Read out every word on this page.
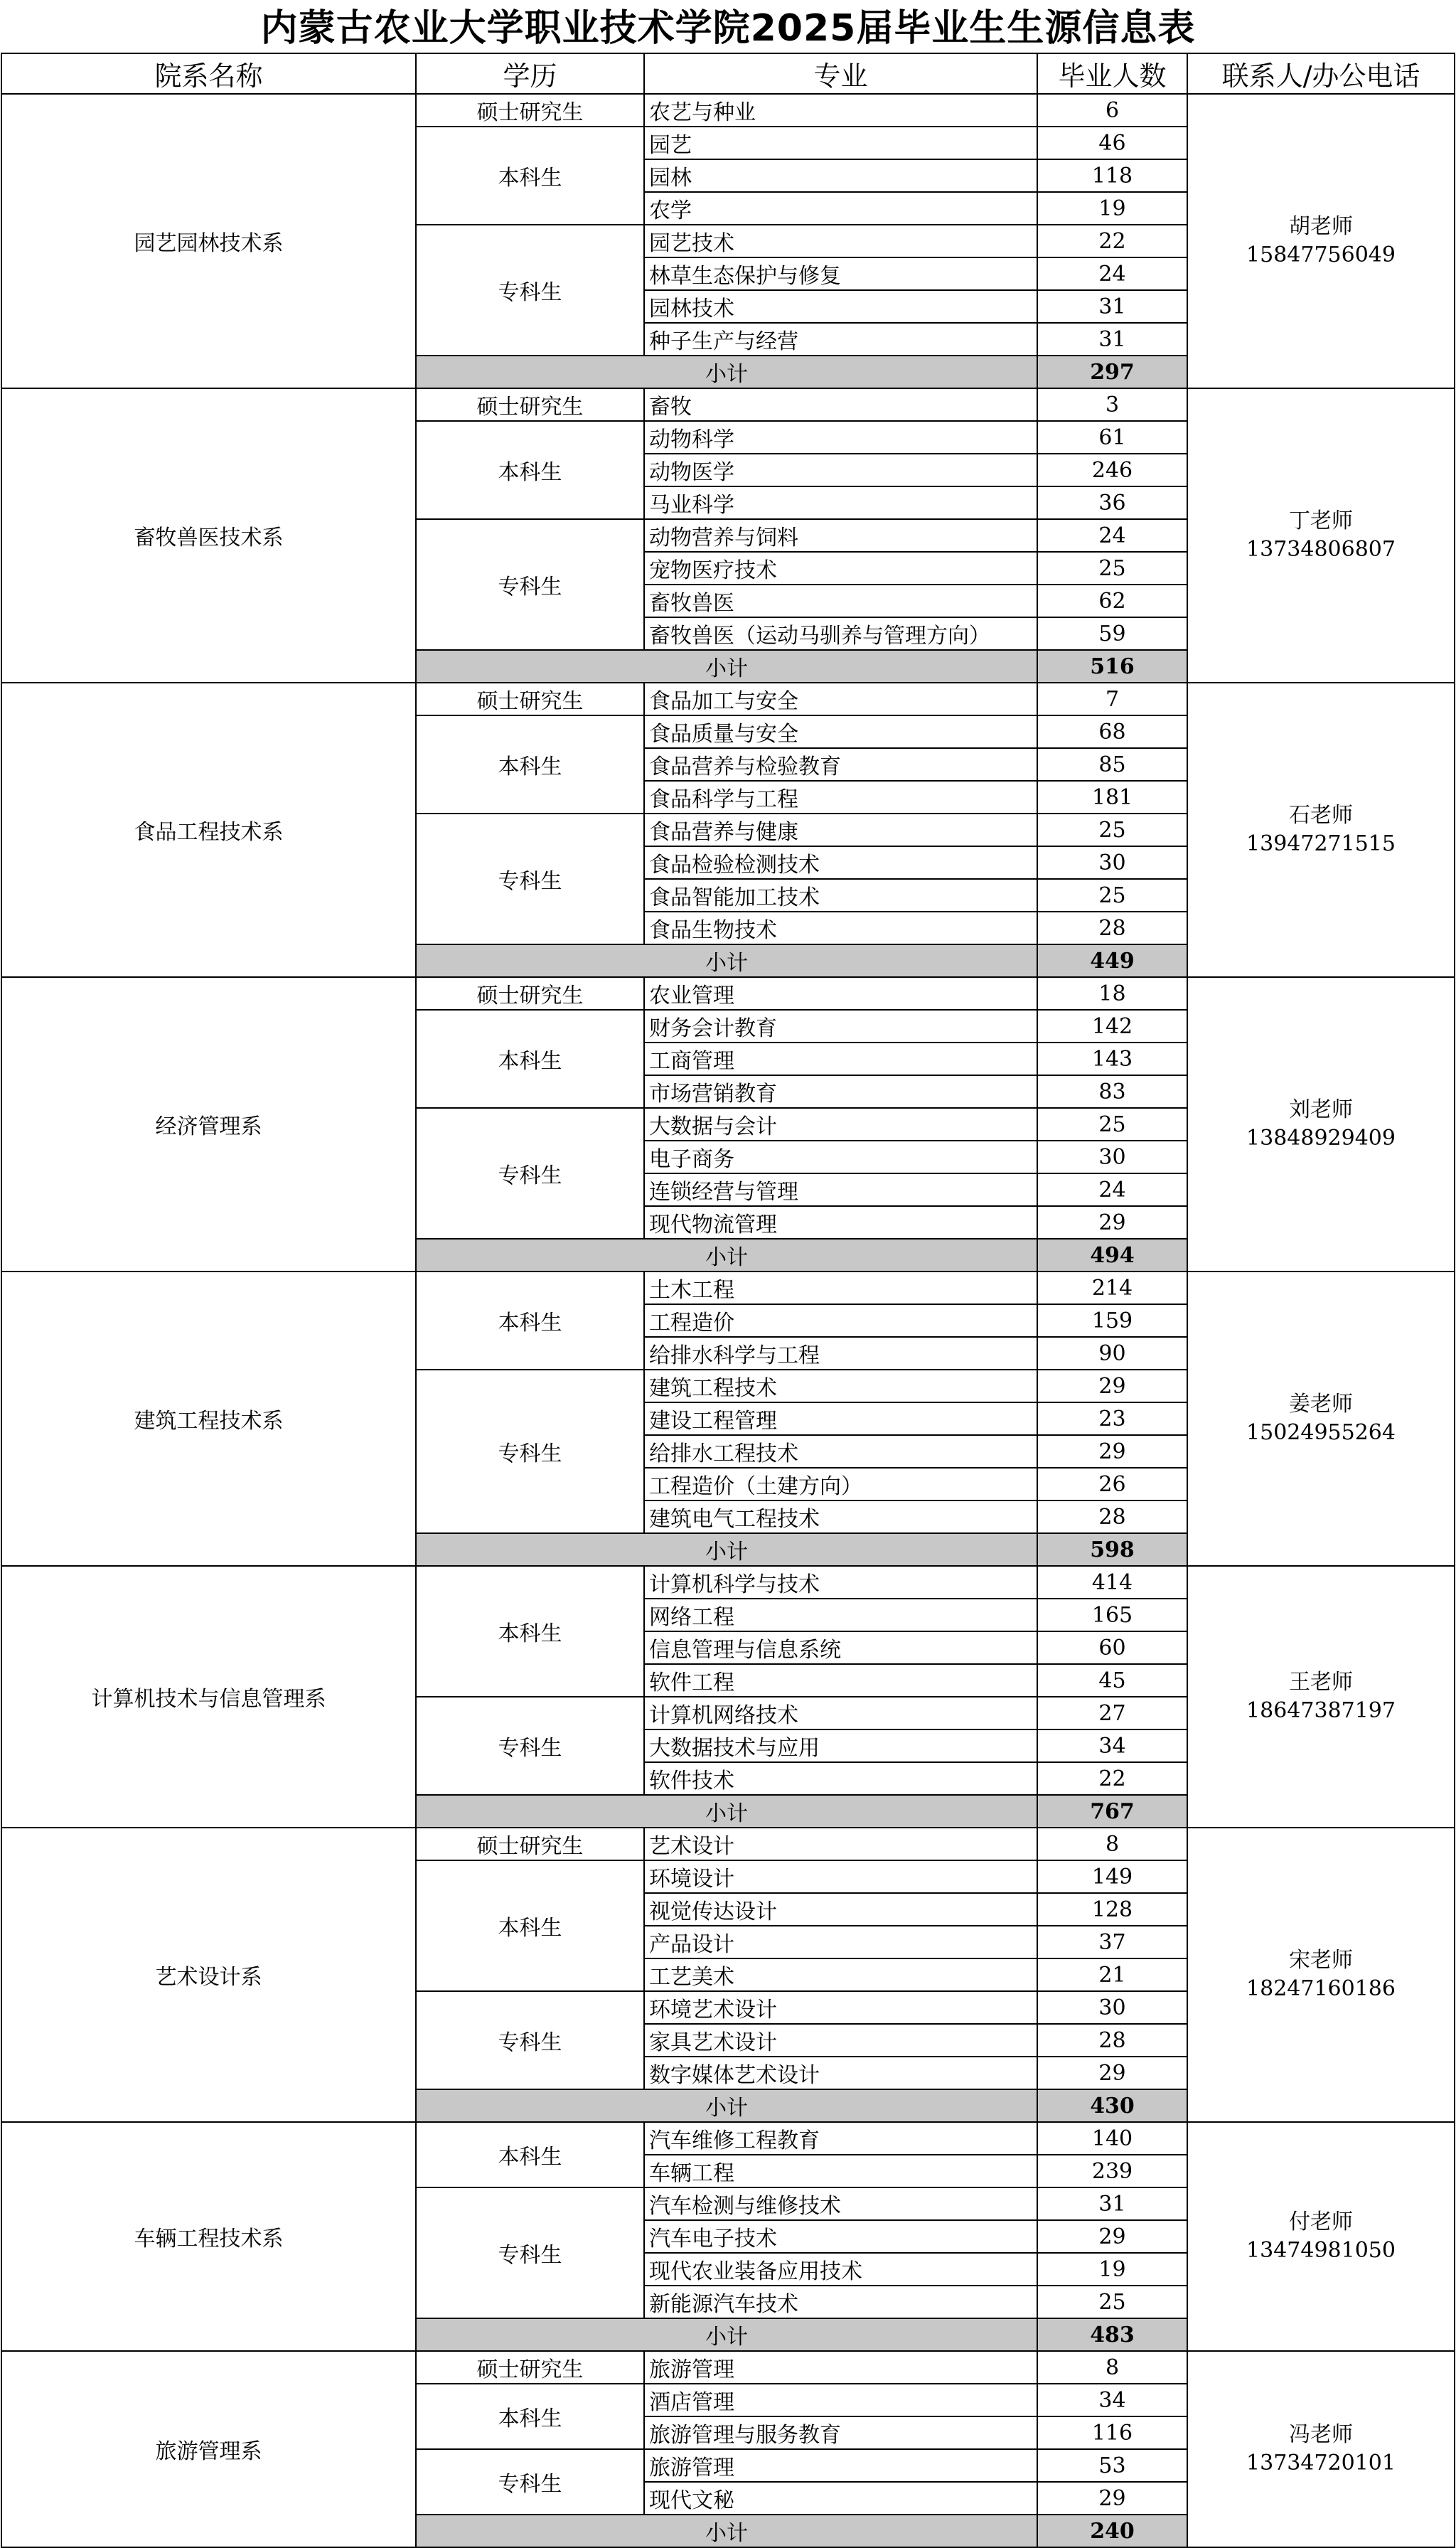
内蒙古农业大学职业技术学院2025届毕业生生源信息表
院系名称	学历	专业	毕业人数	联系人/办公电话
园艺园林技术系	硕士研究生	农艺与种业	6	胡老师
15847756049

	本科生	园艺	46	
		园林	118	
		农学	19	
	专科生	园艺技术	22	
		林草生态保护与修复	24	
		园林技术	31	
		种子生产与经营	31	
	小计		297	
畜牧兽医技术系	硕士研究生	畜牧	3	丁老师
13734806807

	本科生	动物科学	61	
		动物医学	246	
		马业科学	36	
	专科生	动物营养与饲料	24	
		宠物医疗技术	25	
		畜牧兽医	62	
		畜牧兽医（运动马驯养与管理方向）	59	
	小计		516	
食品工程技术系	硕士研究生	食品加工与安全	7	石老师
13947271515

	本科生	食品质量与安全	68	
		食品营养与检验教育	85	
		食品科学与工程	181	
	专科生	食品营养与健康	25	
		食品检验检测技术	30	
		食品智能加工技术	25	
		食品生物技术	28	
	小计		449	
经济管理系	硕士研究生	农业管理	18	刘老师
13848929409

	本科生	财务会计教育	142	
		工商管理	143	
		市场营销教育	83	
	专科生	大数据与会计	25	
		电子商务	30	
		连锁经营与管理	24	
		现代物流管理	29	
	小计		494	
建筑工程技术系	本科生	土木工程	214	姜老师
15024955264

		工程造价	159	
		给排水科学与工程	90	
	专科生	建筑工程技术	29	
		建设工程管理	23	
		给排水工程技术	29	
		工程造价（土建方向）	26	
		建筑电气工程技术	28	
	小计		598	
计算机技术与信息管理系	本科生	计算机科学与技术	414	王老师
18647387197

		网络工程	165	
		信息管理与信息系统	60	
		软件工程	45	
	专科生	计算机网络技术	27	
		大数据技术与应用	34	
		软件技术	22	
	小计		767	
艺术设计系	硕士研究生	艺术设计	8	宋老师
18247160186

	本科生	环境设计	149	
		视觉传达设计	128	
		产品设计	37	
		工艺美术	21	
	专科生	环境艺术设计	30	
		家具艺术设计	28	
		数字媒体艺术设计	29	
	小计		430	
车辆工程技术系	本科生	汽车维修工程教育	140	付老师
13474981050

		车辆工程	239	
	专科生	汽车检测与维修技术	31	
		汽车电子技术	29	
		现代农业装备应用技术	19	
		新能源汽车技术	25	
	小计		483	
旅游管理系	硕士研究生	旅游管理	8	冯老师
13734720101

	本科生	酒店管理	34	
		旅游管理与服务教育	116	
	专科生	旅游管理	53	
		现代文秘	29	
	小计		240	
